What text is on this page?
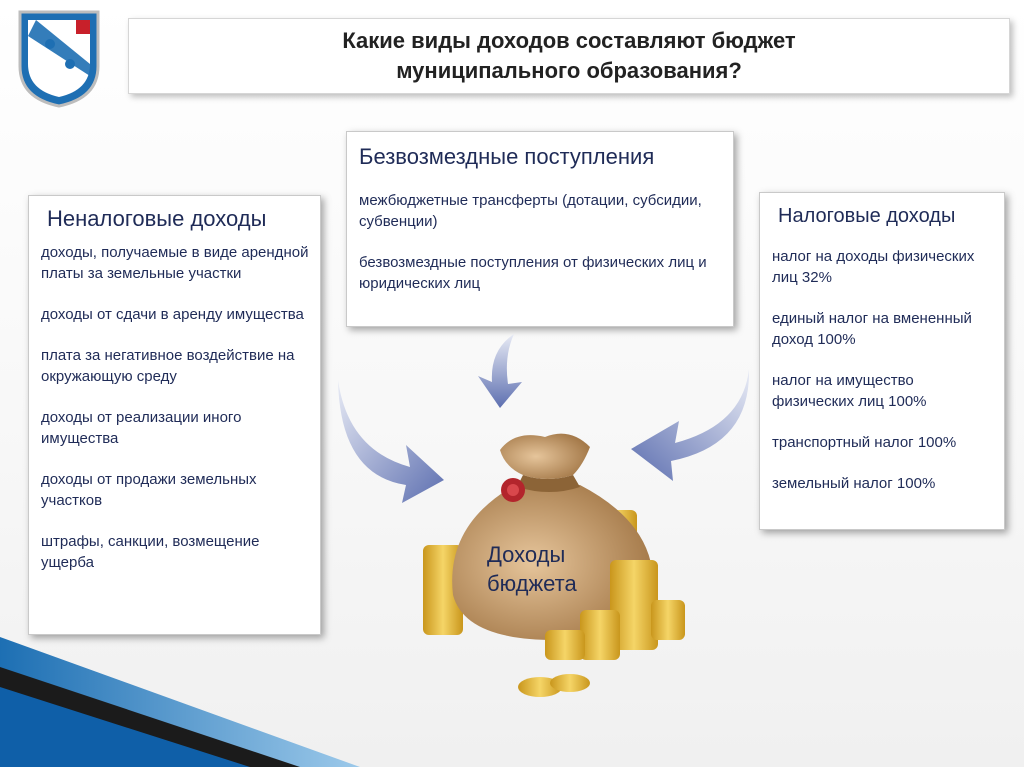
Какие виды доходов составляют бюджет муниципального образования?
Безвозмездные поступления
межбюджетные трансферты (дотации, субсидии, субвенции)
безвозмездные поступления от физических лиц и юридических лиц
Неналоговые доходы
доходы, получаемые в виде арендной платы за земельные участки
доходы от сдачи в аренду имущества
плата за негативное воздействие на окружающую среду
доходы от реализации иного имущества
доходы от продажи земельных участков
штрафы, санкции, возмещение ущерба
Налоговые доходы
налог на доходы физических лиц 32%
единый налог на вмененный доход 100%
налог на имущество физических лиц 100%
транспортный налог 100%
земельный налог 100%
Доходы
бюджета
